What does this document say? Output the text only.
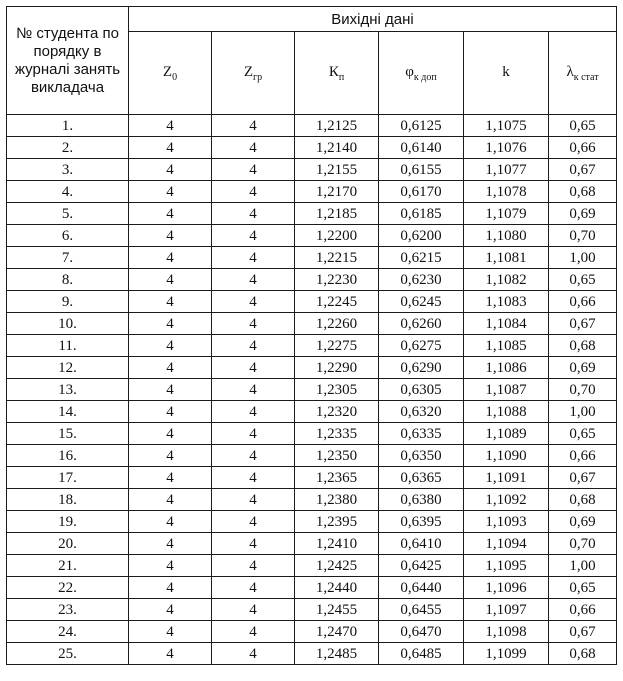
№ студента по порядку в журналі занять викладача	Вихідні дані					
	$Z_0$	$Z_{гр}$	$К_п$	$\varphi_{к доп}$	k	$\lambda_{к стат}$
1.	4	4	1,2125	0,6125	1,1075	0,65
2.	4	4	1,2140	0,6140	1,1076	0,66
3.	4	4	1,2155	0,6155	1,1077	0,67
4.	4	4	1,2170	0,6170	1,1078	0,68
5.	4	4	1,2185	0,6185	1,1079	0,69
6.	4	4	1,2200	0,6200	1,1080	0,70
7.	4	4	1,2215	0,6215	1,1081	1,00
8.	4	4	1,2230	0,6230	1,1082	0,65
9.	4	4	1,2245	0,6245	1,1083	0,66
10.	4	4	1,2260	0,6260	1,1084	0,67
11.	4	4	1,2275	0,6275	1,1085	0,68
12.	4	4	1,2290	0,6290	1,1086	0,69
13.	4	4	1,2305	0,6305	1,1087	0,70
14.	4	4	1,2320	0,6320	1,1088	1,00
15.	4	4	1,2335	0,6335	1,1089	0,65
16.	4	4	1,2350	0,6350	1,1090	0,66
17.	4	4	1,2365	0,6365	1,1091	0,67
18.	4	4	1,2380	0,6380	1,1092	0,68
19.	4	4	1,2395	0,6395	1,1093	0,69
20.	4	4	1,2410	0,6410	1,1094	0,70
21.	4	4	1,2425	0,6425	1,1095	1,00
22.	4	4	1,2440	0,6440	1,1096	0,65
23.	4	4	1,2455	0,6455	1,1097	0,66
24.	4	4	1,2470	0,6470	1,1098	0,67
25.	4	4	1,2485	0,6485	1,1099	0,68
